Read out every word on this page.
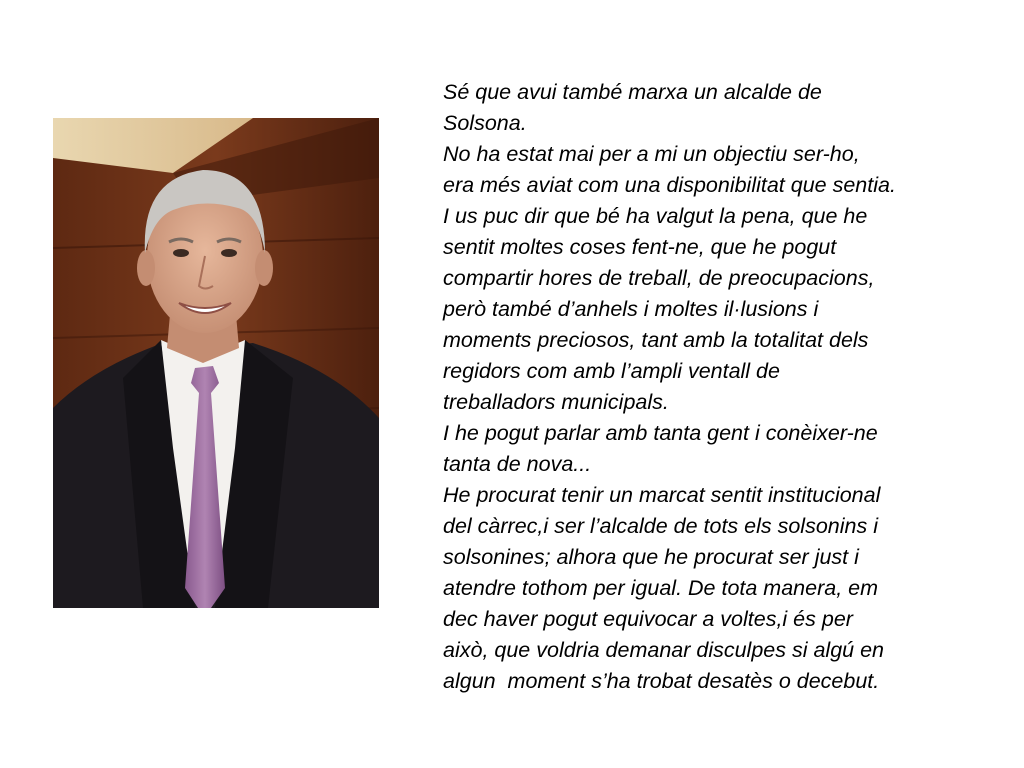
Sé que avui també marxa un alcalde de
Solsona.
No ha estat mai per a mi un objectiu ser-ho,
era més aviat com una disponibilitat que sentia.
I us puc dir que bé ha valgut la pena, que he
sentit moltes coses fent-ne, que he pogut
compartir hores de treball, de preocupacions,
però també d’anhels i moltes il·lusions i
moments preciosos, tant amb la totalitat dels
regidors com amb l’ampli ventall de
treballadors municipals.
I he pogut parlar amb tanta gent i conèixer-ne
tanta de nova...
He procurat tenir un marcat sentit institucional
del càrrec,i ser l’alcalde de tots els solsonins i
solsonines; alhora que he procurat ser just i
atendre tothom per igual. De tota manera, em
dec haver pogut equivocar a voltes,i és per
això, que voldria demanar disculpes si algú en
algun  moment s’ha trobat desatès o decebut.
